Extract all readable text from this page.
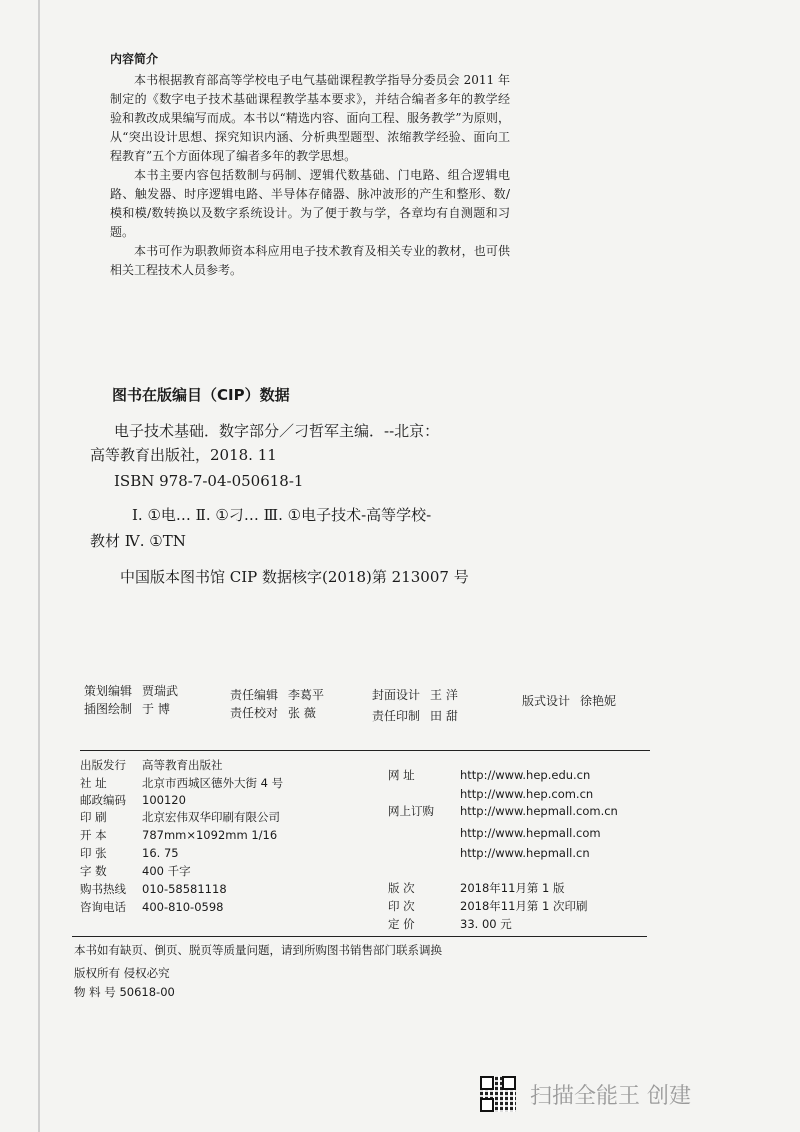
内容简介

本书根据教育部高等学校电子电气基础课程教学指导分委员会 2011 年制定的《数字电子技术基础课程教学基本要求》，并结合编者多年的教学经验和教改成果编写而成。本书以“精选内容、面向工程、服务教学”为原则，从“突出设计思想、探究知识内涵、分析典型题型、浓缩教学经验、面向工程教育”五个方面体现了编者多年的教学思想。

本书主要内容包括数制与码制、逻辑代数基础、门电路、组合逻辑电路、触发器、时序逻辑电路、半导体存储器、脉冲波形的产生和整形、数/模和模/数转换以及数字系统设计。为了便于教与学，各章均有自测题和习题。

本书可作为职教师资本科应用电子技术教育及相关专业的教材，也可供相关工程技术人员参考。

图书在版编目（CIP）数据
电子技术基础．数字部分／刁哲军主编．--北京：
高等教育出版社，2018. 11
ISBN 978-7-04-050618-1
Ⅰ. ①电… Ⅱ. ①刁… Ⅲ. ①电子技术-高等学校-
教材 Ⅳ. ①TN
中国版本图书馆 CIP 数据核字(2018)第 213007 号
策划编辑 贾瑞武	责任编辑 李葛平	封面设计 王 洋	版式设计 徐艳妮
插图绘制 于 博	责任校对 张 薇	责任印制 田 甜
出版发行 高等教育出版社
社 址	北京市西城区德外大街 4 号
邮政编码 100120
印 刷	北京宏伟双华印刷有限公司
开 本	787mm×1092mm 1/16
印 张	16. 75
字 数	400 千字
购书热线 010-58581118
咨询电话 400-810-0598
网 址	http://www.hep.edu.cn
http://www.hep.com.cn
网上订购 http://www.hepmall.com.cn
http://www.hepmall.com
http://www.hepmall.cn
版 次	2018年11月第 1 版
印 次	2018年11月第 1 次印刷
定 价	33. 00 元
本书如有缺页、倒页、脱页等质量问题，请到所购图书销售部门联系调换
版权所有 侵权必究
物 料 号 50618-00
扫描全能王 创建
